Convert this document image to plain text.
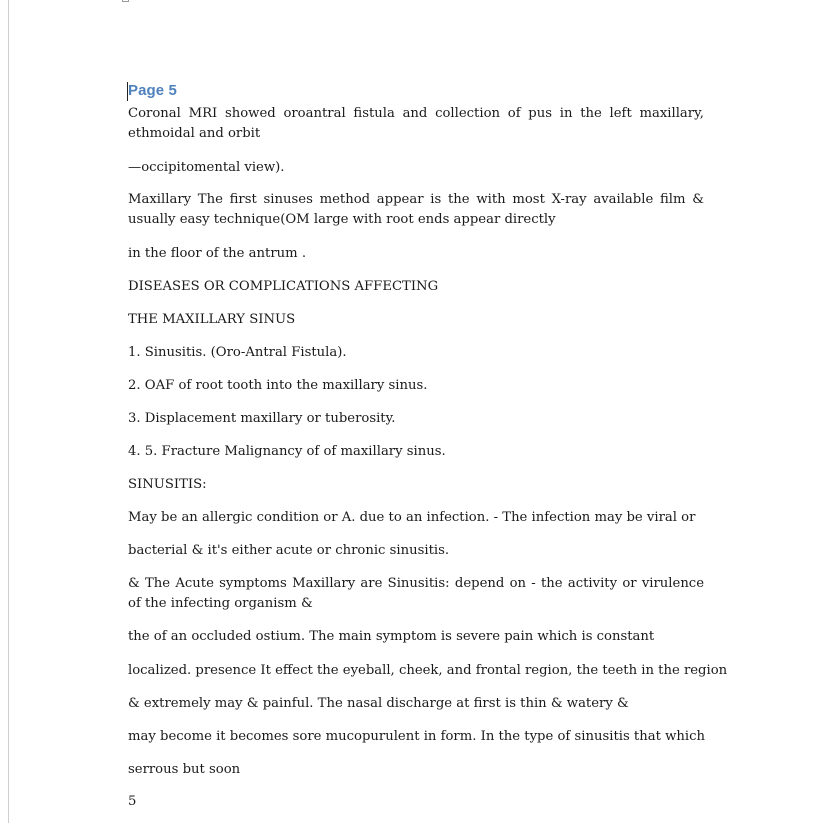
Page 5

Coronal MRI showed oroantral fistula and collection of pus in the left maxillary, ethmoidal and orbit

—occipitomental view).

Maxillary The first sinuses method appear is the with most X-ray available film & usually easy technique(OM large with root ends appear directly

in the floor of the antrum .

DISEASES OR COMPLICATIONS AFFECTING

THE MAXILLARY SINUS

1. Sinusitis. (Oro-Antral Fistula).

2. OAF of root tooth into the maxillary sinus.

3. Displacement maxillary or tuberosity.

4. 5. Fracture Malignancy of of maxillary sinus.

SINUSITIS:

May be an allergic condition or A. due to an infection. - The infection may be viral or

bacterial & it's either acute or chronic sinusitis.

& The Acute symptoms Maxillary are Sinusitis: depend on - the activity or virulence of the infecting organism &

the of an occluded ostium. The main symptom is severe pain which is constant

localized. presence It effect the eyeball, cheek, and frontal region, the teeth in the region

& extremely may & painful. The nasal discharge at first is thin & watery &

may become it becomes sore mucopurulent in form. In the type of sinusitis that which

serrous but soon

5
